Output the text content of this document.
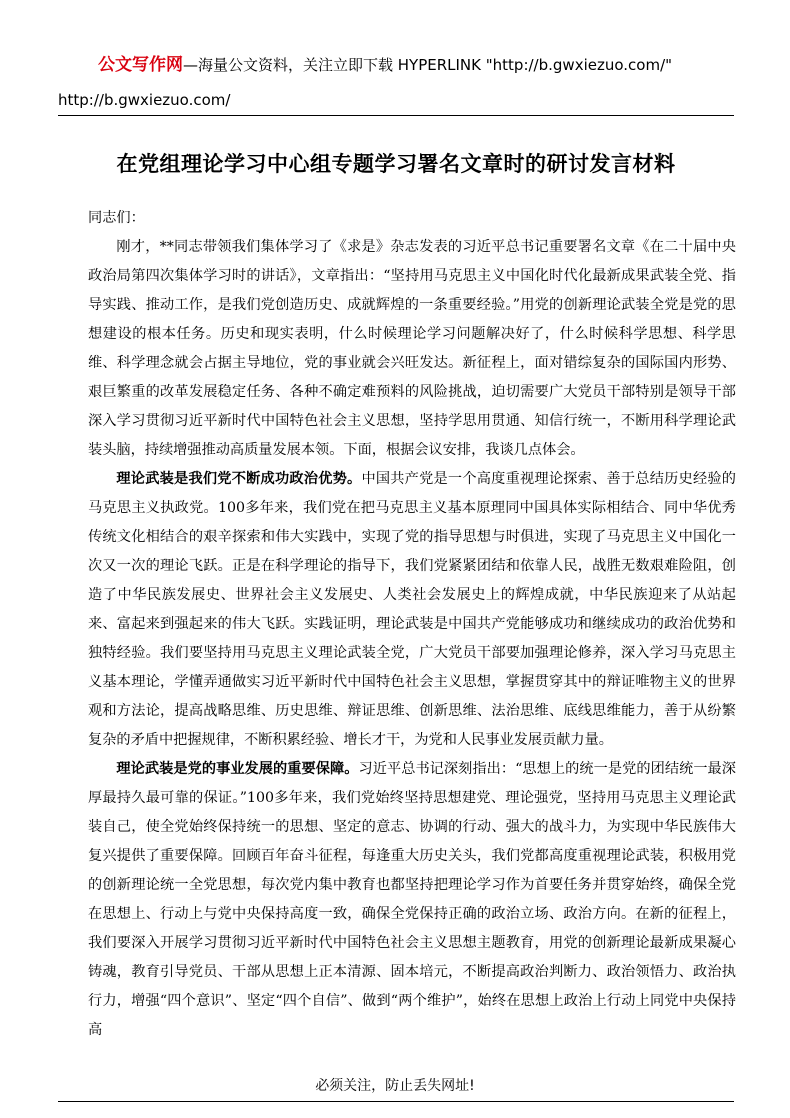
公文写作网—海量公文资料，关注立即下载 HYPERLINK "http://b.gwxiezuo.com/"
http://b.gwxiezuo.com/
在党组理论学习中心组专题学习署名文章时的研讨发言材料

同志们：

刚才，**同志带领我们集体学习了《求是》杂志发表的习近平总书记重要署名文章《在二十届中央政治局第四次集体学习时的讲话》，文章指出：“坚持用马克思主义中国化时代化最新成果武装全党、指导实践、推动工作，是我们党创造历史、成就辉煌的一条重要经验。”用党的创新理论武装全党是党的思想建设的根本任务。历史和现实表明，什么时候理论学习问题解决好了，什么时候科学思想、科学思维、科学理念就会占据主导地位，党的事业就会兴旺发达。新征程上，面对错综复杂的国际国内形势、艰巨繁重的改革发展稳定任务、各种不确定难预料的风险挑战，迫切需要广大党员干部特别是领导干部深入学习贯彻习近平新时代中国特色社会主义思想，坚持学思用贯通、知信行统一，不断用科学理论武装头脑，持续增强推动高质量发展本领。下面，根据会议安排，我谈几点体会。

理论武装是我们党不断成功政治优势。中国共产党是一个高度重视理论探索、善于总结历史经验的马克思主义执政党。100多年来，我们党在把马克思主义基本原理同中国具体实际相结合、同中华优秀传统文化相结合的艰辛探索和伟大实践中，实现了党的指导思想与时俱进，实现了马克思主义中国化一次又一次的理论飞跃。正是在科学理论的指导下，我们党紧紧团结和依靠人民，战胜无数艰难险阻，创造了中华民族发展史、世界社会主义发展史、人类社会发展史上的辉煌成就，中华民族迎来了从站起来、富起来到强起来的伟大飞跃。实践证明，理论武装是中国共产党能够成功和继续成功的政治优势和独特经验。我们要坚持用马克思主义理论武装全党，广大党员干部要加强理论修养，深入学习马克思主义基本理论，学懂弄通做实习近平新时代中国特色社会主义思想，掌握贯穿其中的辩证唯物主义的世界观和方法论，提高战略思维、历史思维、辩证思维、创新思维、法治思维、底线思维能力，善于从纷繁复杂的矛盾中把握规律，不断积累经验、增长才干，为党和人民事业发展贡献力量。

理论武装是党的事业发展的重要保障。习近平总书记深刻指出：“思想上的统一是党的团结统一最深厚最持久最可靠的保证。”100多年来，我们党始终坚持思想建党、理论强党，坚持用马克思主义理论武装自己，使全党始终保持统一的思想、坚定的意志、协调的行动、强大的战斗力，为实现中华民族伟大复兴提供了重要保障。回顾百年奋斗征程，每逢重大历史关头，我们党都高度重视理论武装，积极用党的创新理论统一全党思想，每次党内集中教育也都坚持把理论学习作为首要任务并贯穿始终，确保全党在思想上、行动上与党中央保持高度一致，确保全党保持正确的政治立场、政治方向。在新的征程上，我们要深入开展学习贯彻习近平新时代中国特色社会主义思想主题教育，用党的创新理论最新成果凝心铸魂，教育引导党员、干部从思想上正本清源、固本培元，不断提高政治判断力、政治领悟力、政治执行力，增强“四个意识”、坚定“四个自信”、做到“两个维护”，始终在思想上政治上行动上同党中央保持高

必须关注，防止丢失网址!
